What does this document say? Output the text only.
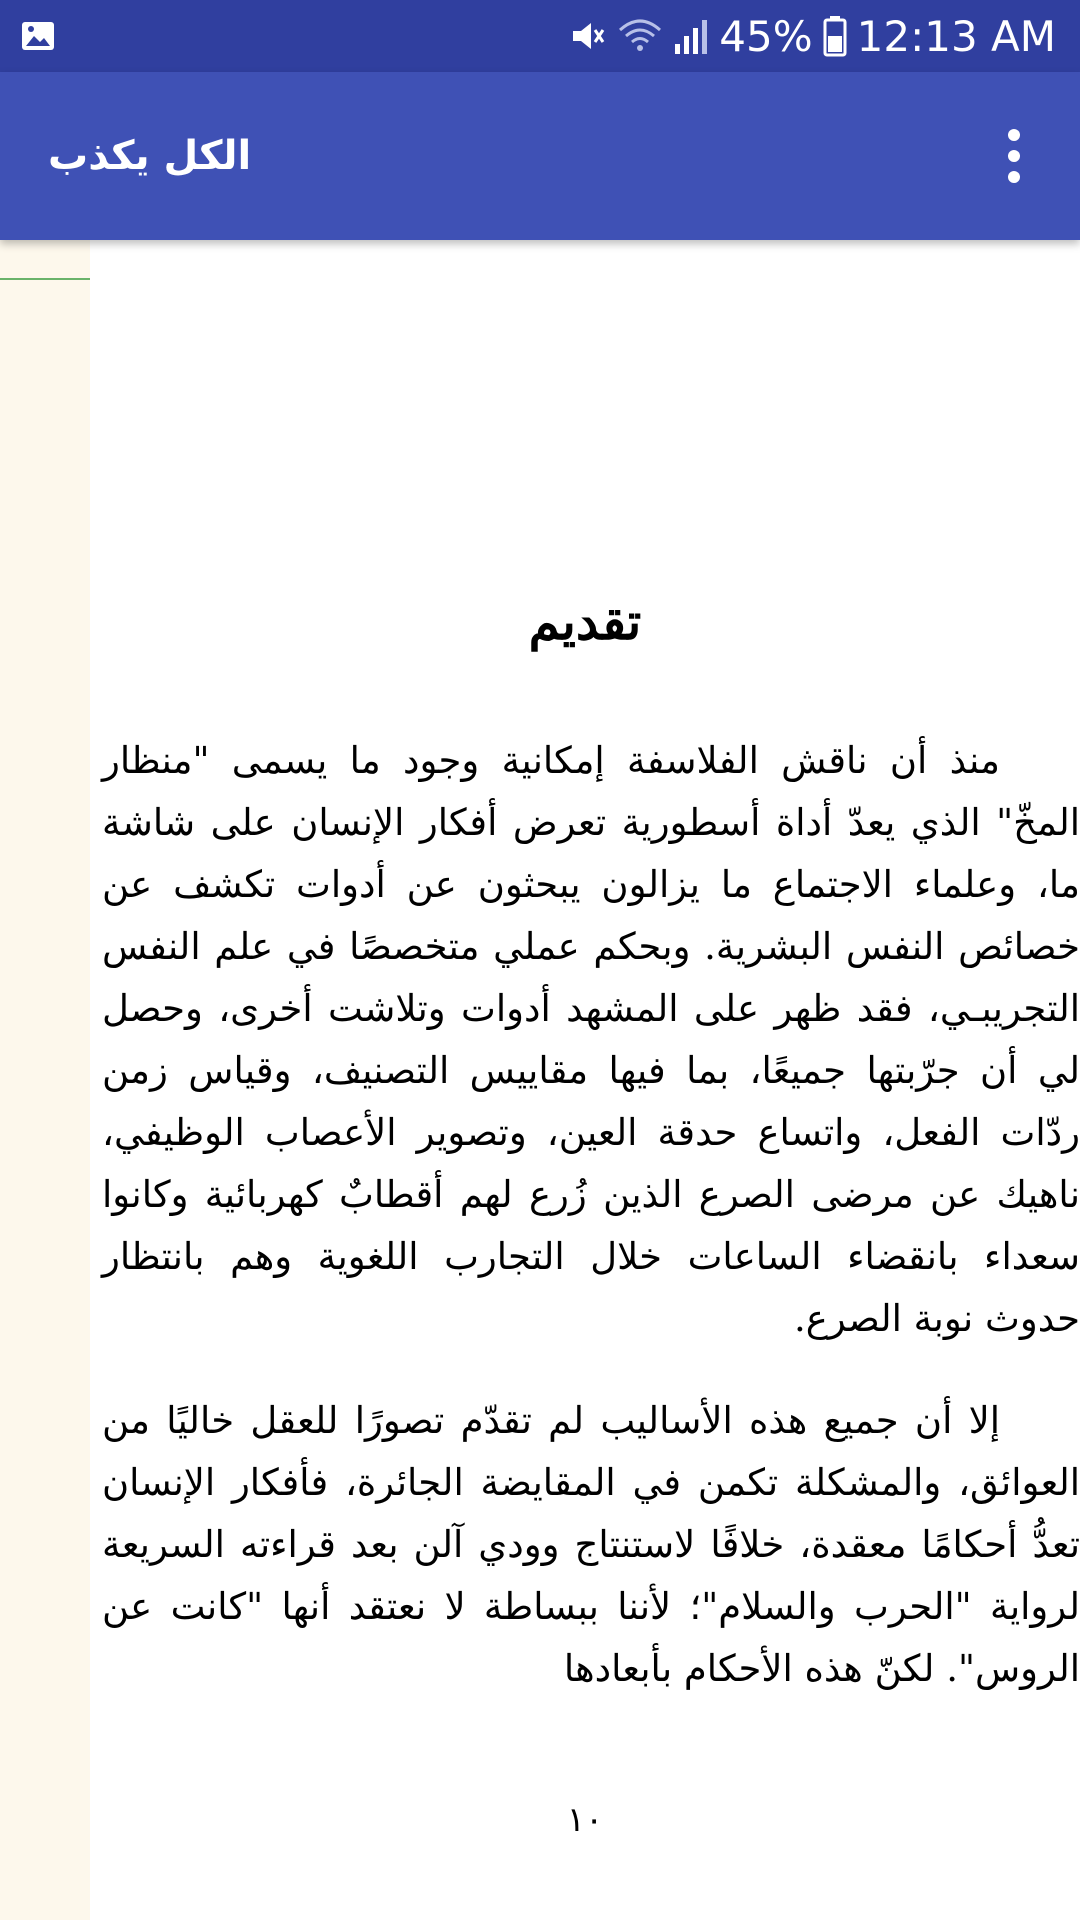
45% 12:13 AM
الكل يكذب
تقديم

منذ أن ناقش الفلاسفة إمكانية وجود ما يسمى "منظار المخّ" الذي يعدّ أداة أسطورية تعرض أفكار الإنسان على شاشة ما، وعلماء الاجتماع ما يزالون يبحثون عن أدوات تكشف عن خصائص النفس البشرية. وبحكم عملي متخصصًا في علم النفس التجريبـي، فقد ظهر على المشهد أدوات وتلاشت أخرى، وحصل لي أن جرّبتها جميعًا، بما فيها مقاييس التصنيف، وقياس زمن ردّات الفعل، واتساع حدقة العين، وتصوير الأعصاب الوظيفي، ناهيك عن مرضى الصرع الذين زُرع لهم أقطابٌ كهربائية وكانوا سعداء بانقضاء الساعات خلال التجارب اللغوية وهم بانتظار حدوث نوبة الصرع.

إلا أن جميع هذه الأساليب لم تقدّم تصورًا للعقل خاليًا من العوائق، والمشكلة تكمن في المقايضة الجائرة، فأفكار الإنسان تعدُّ أحكامًا معقدة، خلافًا لاستنتاج وودي آلن بعد قراءته السريعة لرواية "الحرب والسلام"؛ لأننا ببساطة لا نعتقد أنها "كانت عن الروس". لكنّ هذه الأحكام بأبعادها

١٠
